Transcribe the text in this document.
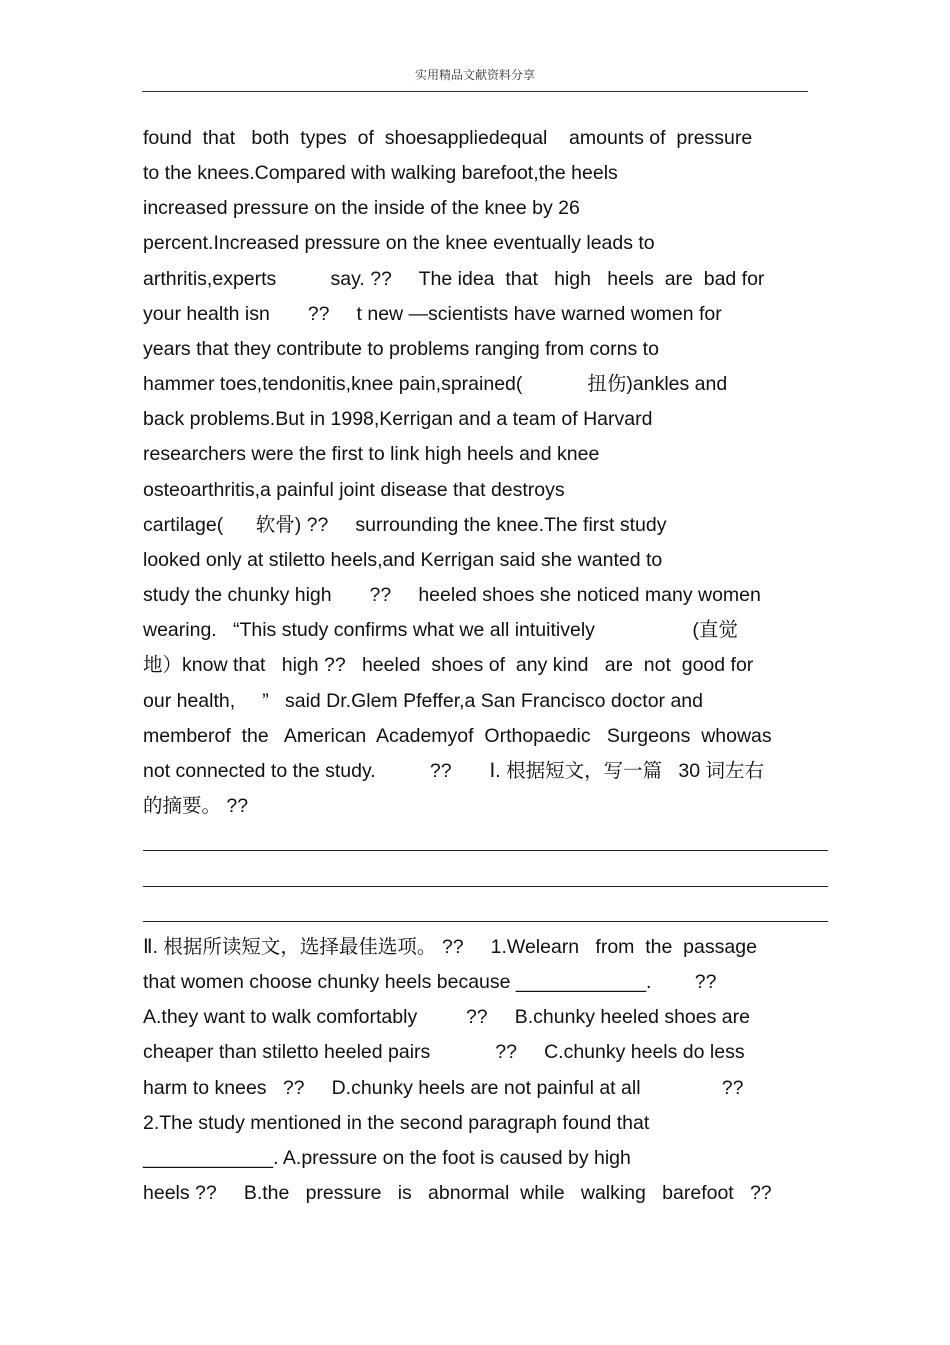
实用精品文献资料分享
found  that   both  types  of  shoesappliedequal    amounts of  pressure
to the knees.Compared with walking barefoot,the heels
increased pressure on the inside of the knee by 26
percent.Increased pressure on the knee eventually leads to
arthritis,experts          say. ??     The idea  that   high   heels  are  bad for
your health isn       ??     t new —scientists have warned women for
years that they contribute to problems ranging from corns to
hammer toes,tendonitis,knee pain,sprained(            扭伤)ankles and
back problems.But in 1998,Kerrigan and a team of Harvard
researchers were the first to link high heels and knee
osteoarthritis,a painful joint disease that destroys
cartilage(      软骨) ??     surrounding the knee.The first study
looked only at stiletto heels,and Kerrigan said she wanted to
study the chunky high       ??     heeled shoes she noticed many women
wearing.   “This study confirms what we all intuitively                  (直觉
地）know that   high ??   heeled  shoes of  any kind   are  not  good for
our health,     ”   said Dr.Glem Pfeffer,a San Francisco doctor and
memberof  the   American  Academyof  Orthopaedic   Surgeons  whowas
not connected to the study.          ??       Ⅰ. 根据短文，写一篇   30 词左右
的摘要。 ??
Ⅱ. 根据所读短文，选择最佳选项。 ??     1.Welearn   from  the  passage
that women choose chunky heels because ____________.        ??
A.they want to walk comfortably         ??     B.chunky heeled shoes are
cheaper than stiletto heeled pairs            ??     C.chunky heels do less
harm to knees   ??     D.chunky heels are not painful at all               ??
2.The study mentioned in the second paragraph found that
____________. A.pressure on the foot is caused by high
heels ??     B.the   pressure   is   abnormal  while   walking   barefoot   ??
